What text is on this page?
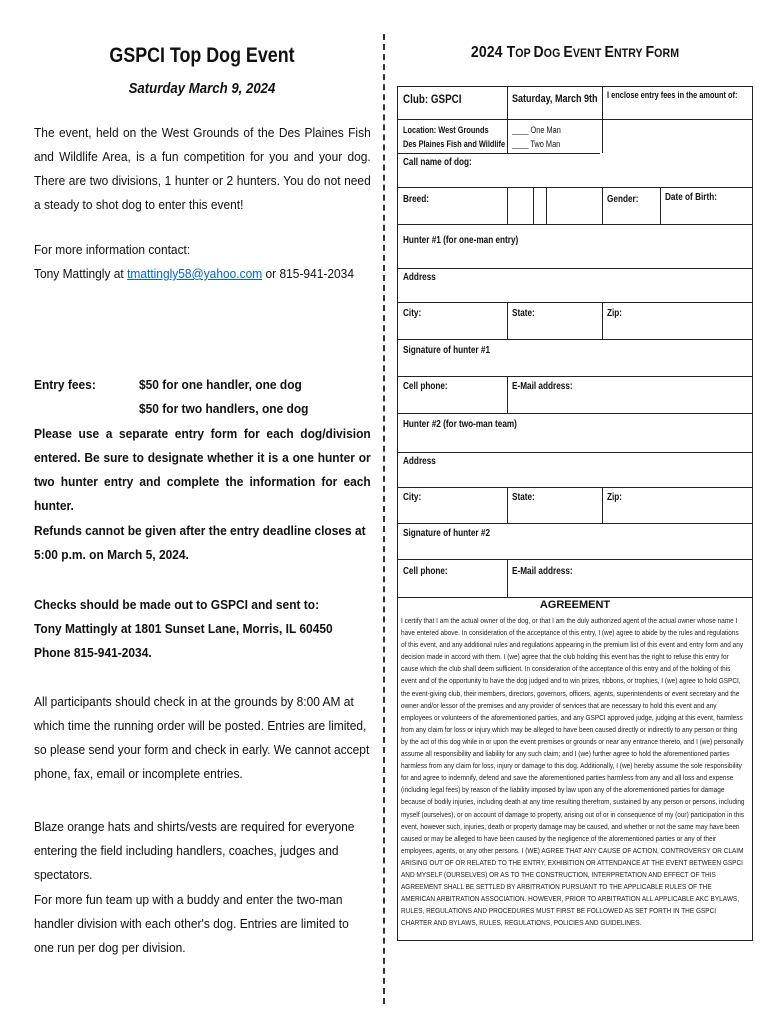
GSPCI Top Dog Event
Saturday March 9, 2024
The event, held on the West Grounds of the Des Plaines Fish and Wildlife Area, is a fun competition for you and your dog. There are two divisions, 1 hunter or 2 hunters. You do not need a steady to shot dog to enter this event!
For more information contact:
Tony Mattingly at tmattingly58@yahoo.com or 815-941-2034
Entry fees:	$50 for one handler, one dog
$50 for two handlers, one dog
Please use a separate entry form for each dog/division entered. Be sure to designate whether it is a one hunter or two hunter entry and complete the information for each hunter.
Refunds cannot be given after the entry deadline closes at 5:00 p.m. on March 5, 2024.
Checks should be made out to GSPCI and sent to:
Tony Mattingly at 1801 Sunset Lane, Morris, IL 60450
Phone 815-941-2034.
All participants should check in at the grounds by 8:00 AM at which time the running order will be posted. Entries are limited, so please send your form and check in early. We cannot accept phone, fax, email or incomplete entries.
Blaze orange hats and shirts/vests are required for everyone entering the field including handlers, coaches, judges and spectators.
For more fun team up with a buddy and enter the two-man handler division with each other's dog. Entries are limited to one run per dog per division.
2024 TOP DOG EVENT ENTRY FORM
Club: GSPCI	Saturday, March 9th	I enclose entry fees in the amount of:
Location: West Grounds
Des Plaines Fish and Wildlife
____ One Man
____ Two Man
Call name of dog:
Breed:	Gender:	Date of Birth:
Hunter #1 (for one-man entry)
Address
City:	State:	Zip:
Signature of hunter #1
Cell phone:	E-Mail address:
Hunter #2 (for two-man team)
Address
City:	State:	Zip:
Signature of hunter #2
Cell phone:	E-Mail address:
AGREEMENT
I certify that I am the actual owner of the dog, or that I am the duly authorized agent of the actual owner whose name I have entered above. In consideration of the acceptance of this entry, I (we) agree to abide by the rules and regulations of this event, and any additional rules and regulations appearing in the premium list of this event and entry form and any decision made in accord with them. I (we) agree that the club holding this event has the right to refuse this entry for cause which the club shall deem sufficient. In consideration of the acceptance of this entry and of the holding of this event and of the opportunity to have the dog judged and to win prizes, ribbons, or trophies, I (we) agree to hold GSPCI, the event-giving club, their members, directors, governors, officers, agents, superintendents or event secretary and the owner and/or lessor of the premises and any provider of services that are necessary to hold this event and any employees or volunteers of the aforementioned parties, and any GSPCI approved judge, judging at this event, harmless from any claim for loss or injury which may be alleged to have been caused directly or indirectly to any person or thing by the act of this dog while in or upon the event premises or grounds or near any entrance thereto, and I (we) personally assume all responsibility and liability for any such claim; and I (we) further agree to hold the aforementioned parties harmless from any claim for loss, injury or damage to this dog. Additionally, I (we) hereby assume the sole responsibility for and agree to indemnify, defend and save the aforementioned parties harmless from any and all loss and expense (including legal fees) by reason of the liability imposed by law upon any of the aforementioned parties for damage because of bodily injuries, including death at any time resulting therefrom, sustained by any person or persons, including myself (ourselves), or on account of damage to property, arising out of or in consequence of my (our) participation in this event, however such, injuries, death or property damage may be caused, and whether or not the same may have been caused or may be alleged to have been caused by the negligence of the aforementioned parties or any of their employees, agents, or any other persons. I (WE) AGREE THAT ANY CAUSE OF ACTION, CONTROVERSY OR CLAIM ARISING OUT OF OR RELATED TO THE ENTRY, EXHIBITION OR ATTENDANCE AT THE EVENT BETWEEN GSPCI AND MYSELF (OURSELVES) OR AS TO THE CONSTRUCTION, INTERPRETATION AND EFFECT OF THIS AGREEMENT SHALL BE SETTLED BY ARBITRATION PURSUANT TO THE APPLICABLE RULES OF THE AMERICAN ARBITRATION ASSOCIATION. HOWEVER, PRIOR TO ARBITRATION ALL APPLICABLE AKC BYLAWS, RULES, REGULATIONS AND PROCEDURES MUST FIRST BE FOLLOWED AS SET FORTH IN THE GSPCI CHARTER AND BYLAWS, RULES, REGULATIONS, POLICIES AND GUIDELINES.
